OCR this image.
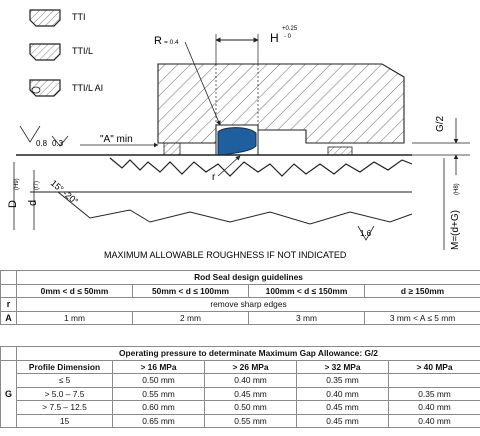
TTI
TTI/L
TTI/L AI
H
+0.25
- 0
R = 0.4
G/2
"A" min
0.8 0.3
1.6
D
(H9)
d
(f7) 15° -20°
r
M=(d+G)
(H8)
MAXIMUM ALLOWABLE ROUGHNESS IF NOT INDICATED
	Rod Seal design guidelines			
	0mm < d ≤ 50mm	50mm < d ≤ 100mm	100mm < d ≤ 150mm	d ≥ 150mm
r	remove sharp edges			
A	1 mm	2 mm	3 mm	3 mm < A ≤ 5 mm
	Operating pressure to determinate Maximum Gap Allowance: G/2				
G	Profile Dimension	> 16 MPa	> 26 MPa	> 32 MPa	> 40 MPa
	≤ 5	0.50 mm	0.40 mm	0.35 mm	
	> 5.0 – 7.5	0.55 mm	0.45 mm	0.40 mm	0.35 mm
	> 7.5 – 12.5	0.60 mm	0.50 mm	0.45 mm	0.40 mm
	15	0.65 mm	0.55 mm	0.45 mm	0.40 mm
